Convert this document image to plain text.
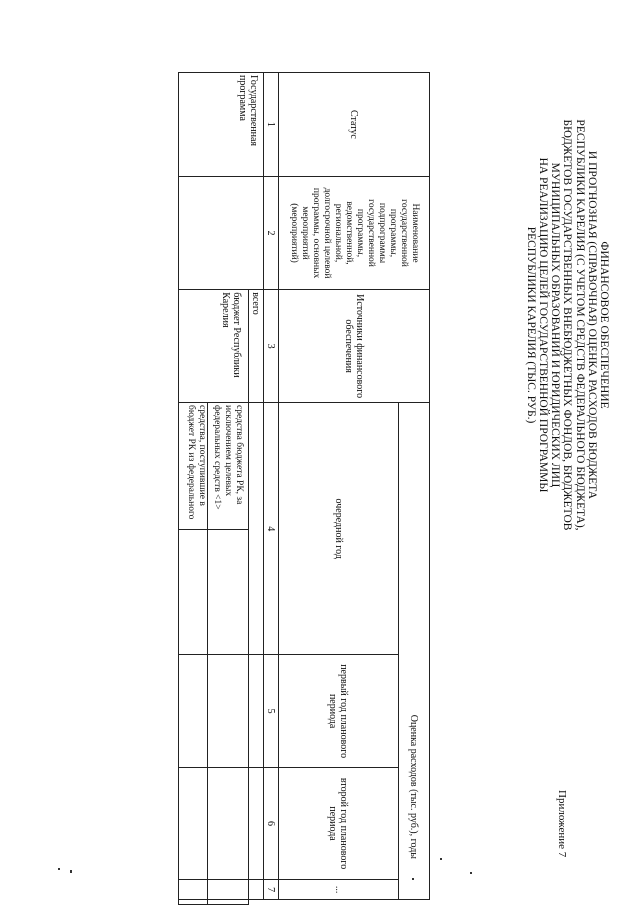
Приложение 7
ФИНАНСОВОЕ ОБЕСПЕЧЕНИЕ
И ПРОГНОЗНАЯ (СПРАВОЧНАЯ) ОЦЕНКА РАСХОДОВ БЮДЖЕТА
РЕСПУБЛИКИ КАРЕЛИЯ (С УЧЕТОМ СРЕДСТВ ФЕДЕРАЛЬНОГО БЮДЖЕТА),
БЮДЖЕТОВ ГОСУДАРСТВЕННЫХ ВНЕБЮДЖЕТНЫХ ФОНДОВ, БЮДЖЕТОВ
МУНИЦИПАЛЬНЫХ ОБРАЗОВАНИЙ И ЮРИДИЧЕСКИХ ЛИЦ
НА РЕАЛИЗАЦИЮ ЦЕЛЕЙ ГОСУДАРСТВЕННОЙ ПРОГРАММЫ
РЕСПУБЛИКИ КАРЕЛИЯ (ТЫС. РУБ.)
Статус	Наименование государственной программы, подпрограммы государственной программы, ведомственной, региональной, долгосрочной целевой программы, основных мероприятий (мероприятий)	Источники финансового обеспечения	Оценка расходов (тыс. руб.), годы					
			очередной год		первый год планового периода	второй год планового периода	...	
1	2	3	4		5	6	7	
Государственная программа		всего						
		бюджет Республики Карелия	средства бюджета РК, за исключением целевых федеральных средств <1>					
			средства, поступившие в бюджет РК из федерального					
